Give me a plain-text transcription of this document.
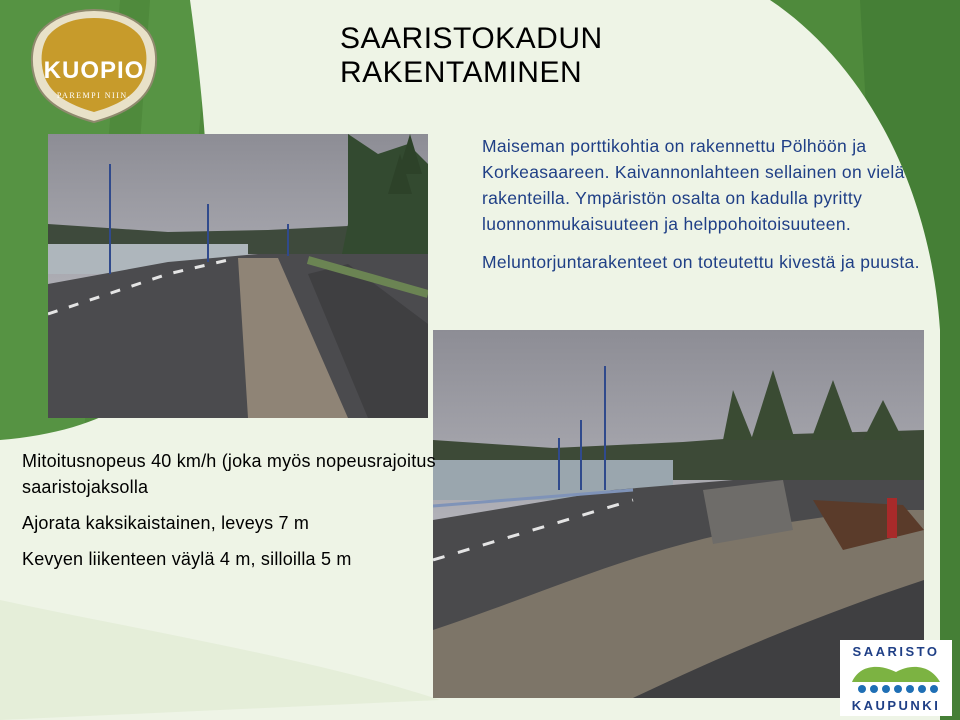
KUOPIO
PAREMPI NIIN.
SAARISTOKADUN
RAKENTAMINEN

Maiseman porttikohtia on rakennettu Pölhöön ja Korkeasaareen. Kaivannonlahteen sellainen on vielä rakenteilla. Ympäristön osalta on kadulla pyritty luonnonmukaisuuteen ja helppohoitoisuuteen.

Meluntorjuntarakenteet on toteutettu kivestä ja puusta.

Mitoitusnopeus 40 km/h (joka myös nopeusrajoitus saaristojaksolla

Ajorata kaksikaistainen, leveys 7 m

Kevyen liikenteen väylä 4 m, silloilla 5 m

SAARISTO
KAUPUNKI
